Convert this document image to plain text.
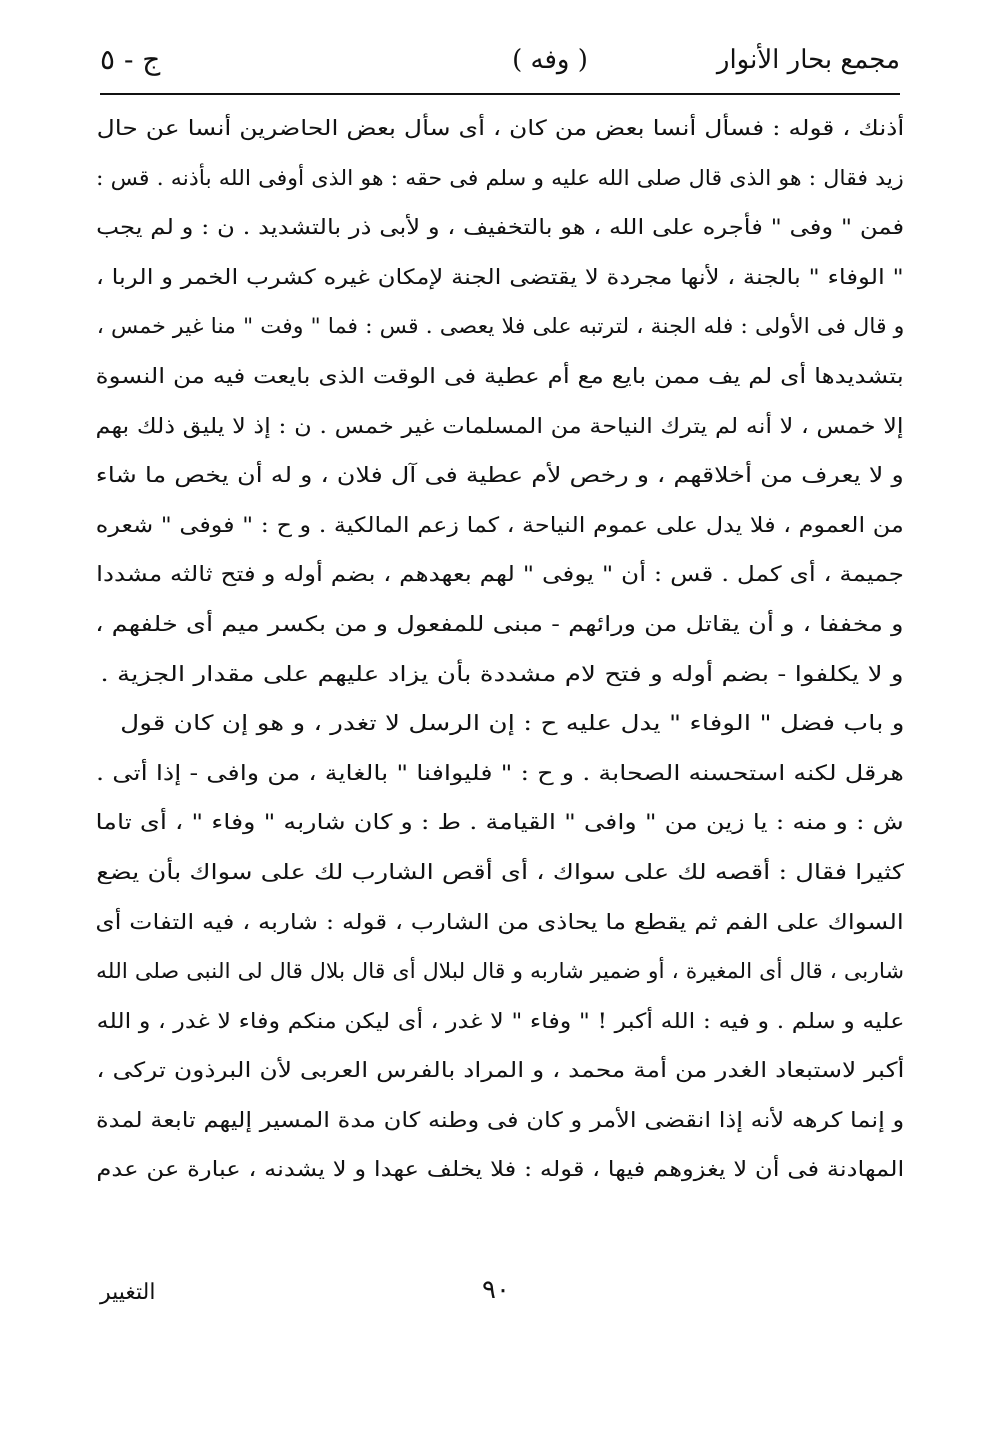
مجمع بحار الأنوار
( وفه )
ج - ٥
أذنك ، قوله : فسأل أنسا بعض من كان ، أى سأل بعض الحاضرين أنسا عن حال
زيد فقال : هو الذى قال صلى الله عليه و سلم فى حقه : هو الذى أوفى الله بأذنه . قس :
فمن " وفى " فأجره على الله ، هو بالتخفيف ، و لأبى ذر بالتشديد . ن : و لم يجب
" الوفاء " بالجنة ، لأنها مجردة لا يقتضى الجنة لإمكان غيره كشرب الخمر و الربا ،
و قال فى الأولى : فله الجنة ، لترتبه على فلا يعصى . قس : فما " وفت " منا غير خمس ،
بتشديدها أى لم يف ممن بايع مع أم عطية فى الوقت الذى بايعت فيه من النسوة
إلا خمس ، لا أنه لم يترك النياحة من المسلمات غير خمس . ن : إذ لا يليق ذلك بهم
و لا يعرف من أخلاقهم ، و رخص لأم عطية فى آل فلان ، و له أن يخص ما شاء
من العموم ، فلا يدل على عموم النياحة ، كما زعم المالكية . و ح : " فوفى " شعره
جميمة ، أى كمل . قس : أن " يوفى " لهم بعهدهم ، بضم أوله و فتح ثالثه مشددا
و مخففا ، و أن يقاتل من ورائهم - مبنى للمفعول و من بكسر ميم أى خلفهم ،
و لا يكلفوا - بضم أوله و فتح لام مشددة بأن يزاد عليهم على مقدار الجزية .
و باب فضل " الوفاء " يدل عليه ح : إن الرسل لا تغدر ، و هو إن كان قول
هرقل لكنه استحسنه الصحابة . و ح : " فليوافنا " بالغاية ، من وافى - إذا أتى .
ش : و منه : يا زين من " وافى " القيامة . ط : و كان شاربه " وفاء " ، أى تاما
كثيرا فقال : أقصه لك على سواك ، أى أقص الشارب لك على سواك بأن يضع
السواك على الفم ثم يقطع ما يحاذى من الشارب ، قوله : شاربه ، فيه التفات أى
شاربى ، قال أى المغيرة ، أو ضمير شاربه و قال لبلال أى قال بلال قال لى النبى صلى الله
عليه و سلم . و فيه : الله أكبر ! " وفاء " لا غدر ، أى ليكن منكم وفاء لا غدر ، و الله
أكبر لاستبعاد الغدر من أمة محمد ، و المراد بالفرس العربى لأن البرذون تركى ،
و إنما كرهه لأنه إذا انقضى الأمر و كان فى وطنه كان مدة المسير إليهم تابعة لمدة
المهادنة فى أن لا يغزوهم فيها ، قوله : فلا يخلف عهدا و لا يشدنه ، عبارة عن عدم
٩٠
التغيير
